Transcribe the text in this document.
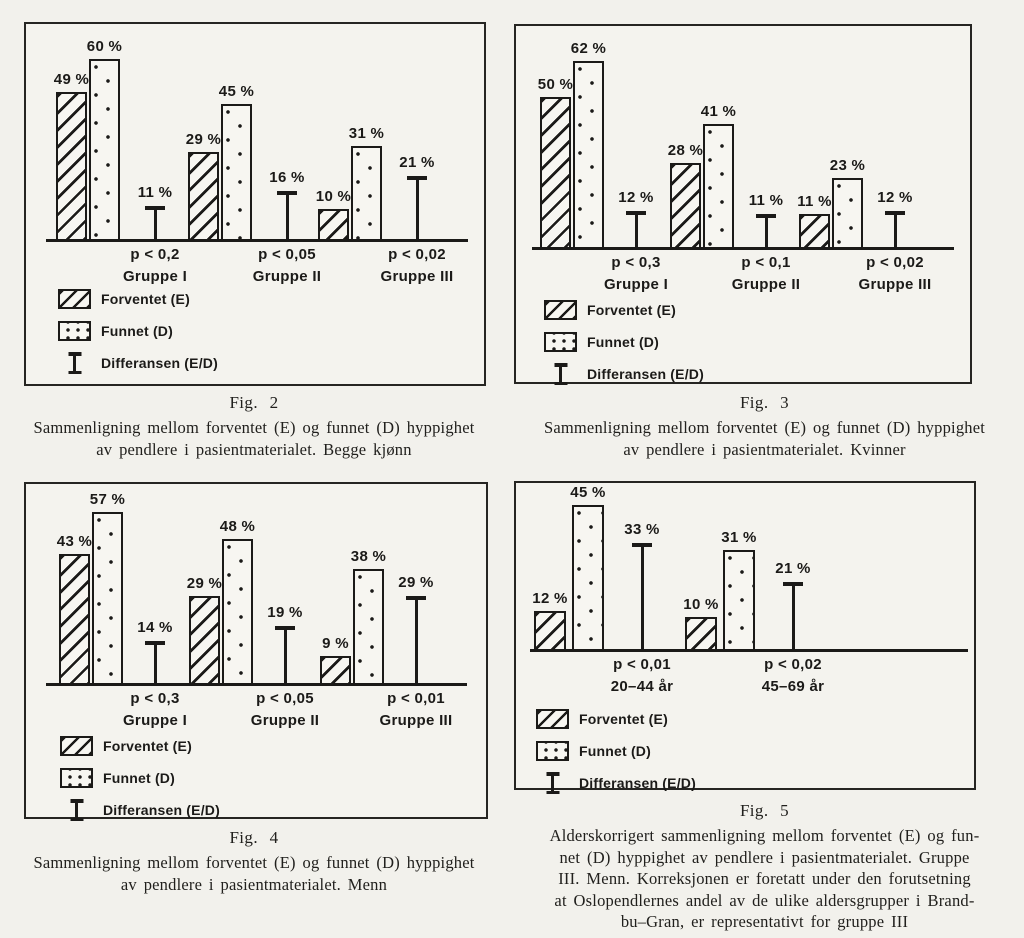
49 %
60 %
11 %
p < 0,2
Gruppe I
29 %
45 %
16 %
p < 0,05
Gruppe II
10 %
31 %
21 %
p < 0,02
Gruppe III
Forventet (E)
Funnet (D)
Differansen (E/D)
Fig. 2
Sammenligning mellom forventet (E) og funnet (D) hyppighet
av pendlere i pasientmaterialet. Begge kjønn
50 %
62 %
12 %
p < 0,3
Gruppe I
28 %
41 %
11 %
p < 0,1
Gruppe II
11 %
23 %
12 %
p < 0,02
Gruppe III
Forventet (E)
Funnet (D)
Differansen (E/D)
Fig. 3
Sammenligning mellom forventet (E) og funnet (D) hyppighet
av pendlere i pasientmaterialet. Kvinner
43 %
57 %
14 %
p < 0,3
Gruppe I
29 %
48 %
19 %
p < 0,05
Gruppe II
9 %
38 %
29 %
p < 0,01
Gruppe III
Forventet (E)
Funnet (D)
Differansen (E/D)
Fig. 4
Sammenligning mellom forventet (E) og funnet (D) hyppighet
av pendlere i pasientmaterialet. Menn
12 %
45 %
33 %
p < 0,01
20–44 år
10 %
31 %
21 %
p < 0,02
45–69 år
Forventet (E)
Funnet (D)
Differansen (E/D)
Fig. 5
Alderskorrigert sammenligning mellom forventet (E) og fun-
net (D) hyppighet av pendlere i pasientmaterialet. Gruppe
III. Menn. Korreksjonen er foretatt under den forutsetning
at Oslopendlernes andel av de ulike aldersgrupper i Brand-
bu–Gran, er representativt for gruppe III
